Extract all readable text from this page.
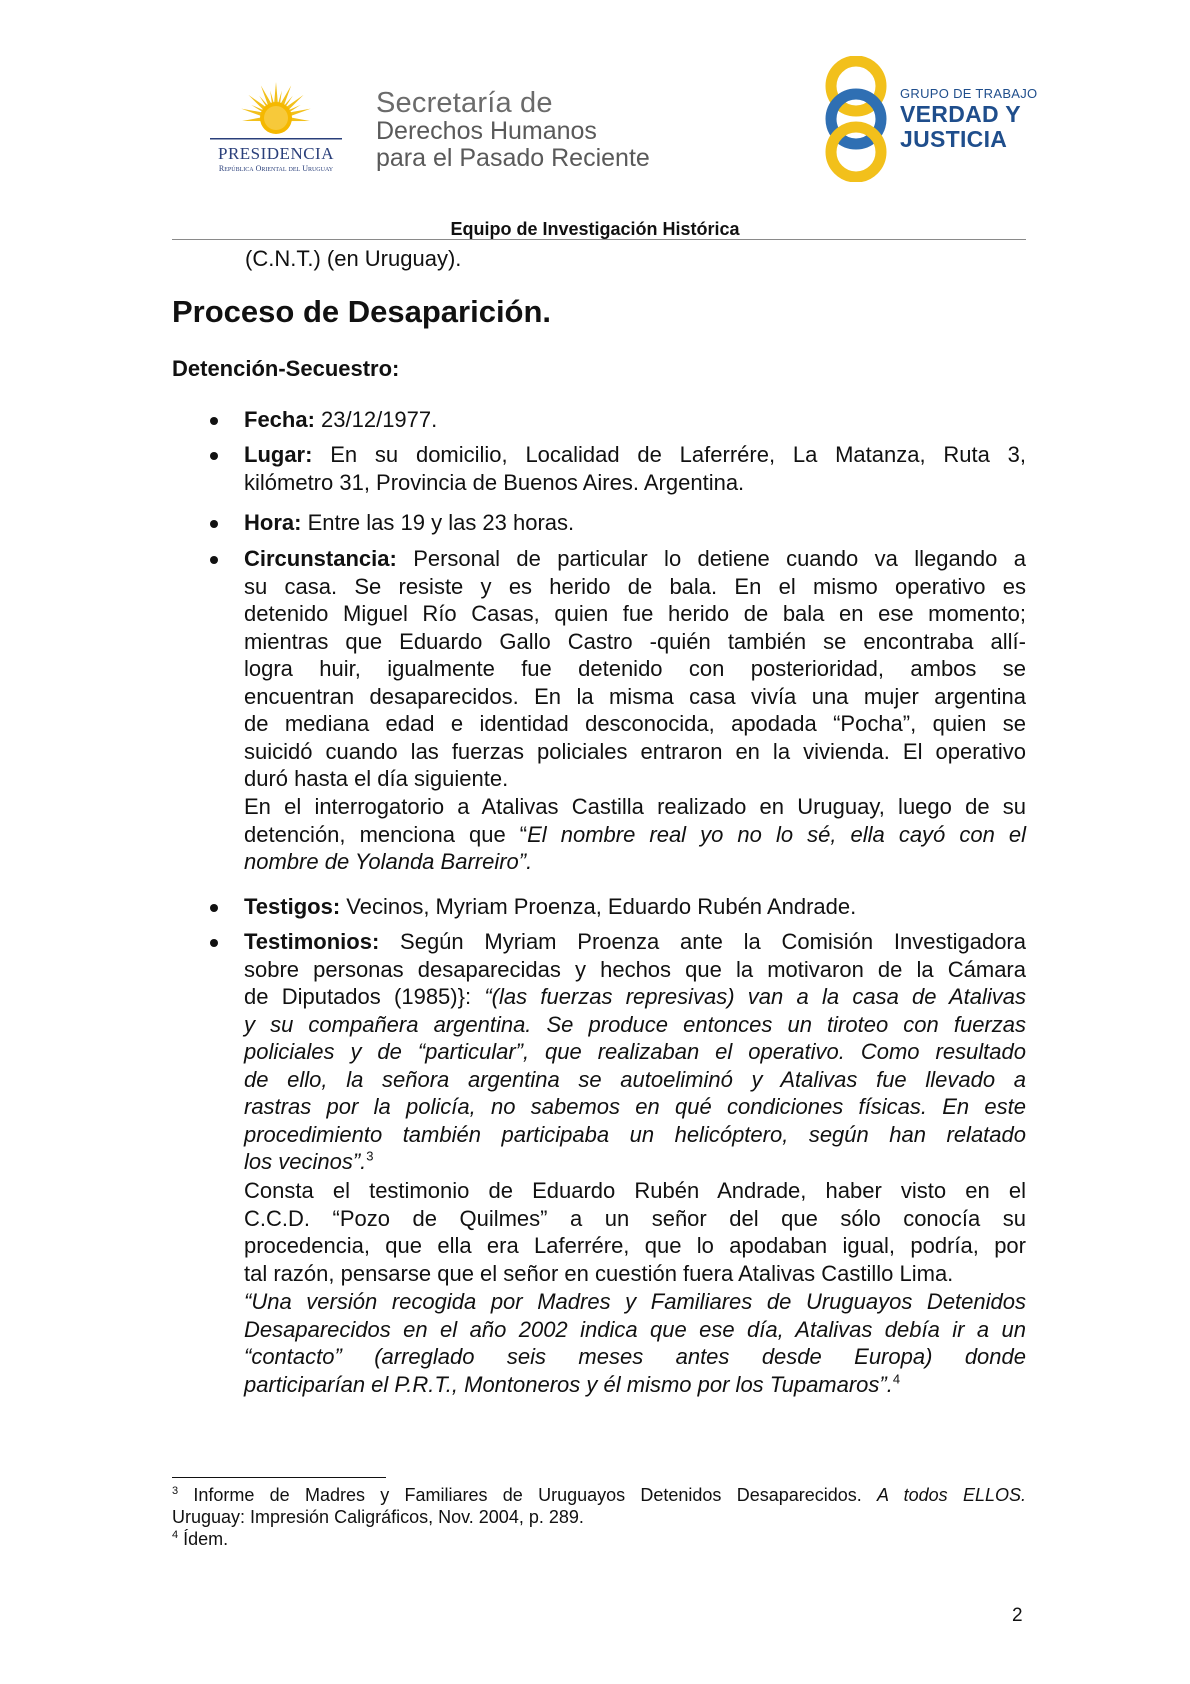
PRESIDENCIA
República Oriental del Uruguay
Secretaría de
Derechos Humanos
para el Pasado Reciente
GRUPO DE TRABAJO
VERDAD Y
JUSTICIA
Equipo de Investigación Histórica
(C.N.T.) (en Uruguay).
Proceso de Desaparición.
Detención-Secuestro:
Fecha: 23/12/1977.
Lugar: En su domicilio, Localidad de Laferrére, La Matanza, Ruta 3,
kilómetro 31, Provincia de Buenos Aires. Argentina.
Hora: Entre las 19 y las 23 horas.
Circunstancia: Personal de particular lo detiene cuando va llegando a
su casa. Se resiste y es herido de bala. En el mismo operativo es
detenido Miguel Río Casas, quien fue herido de bala en ese momento;
mientras que Eduardo Gallo Castro -quién también se encontraba allí-
logra huir, igualmente fue detenido con posterioridad, ambos se
encuentran desaparecidos. En la misma casa vivía una mujer argentina
de mediana edad e identidad desconocida, apodada “Pocha”, quien se
suicidó cuando las fuerzas policiales entraron en la vivienda. El operativo
duró hasta el día siguiente.
En el interrogatorio a Atalivas Castilla realizado en Uruguay, luego de su
detención, menciona que “El nombre real yo no lo sé, ella cayó con el
nombre de Yolanda Barreiro”.
Testigos: Vecinos, Myriam Proenza, Eduardo Rubén Andrade.
Testimonios: Según Myriam Proenza ante la Comisión Investigadora
sobre personas desaparecidas y hechos que la motivaron de la Cámara
de Diputados (1985)}: “(las fuerzas represivas) van a la casa de Atalivas
y su compañera argentina. Se produce entonces un tiroteo con fuerzas
policiales y de “particular”, que realizaban el operativo. Como resultado
de ello, la señora argentina se autoeliminó y Atalivas fue llevado a
rastras por la policía, no sabemos en qué condiciones físicas. En este
procedimiento también participaba un helicóptero, según han relatado
los vecinos”.$^3$
Consta el testimonio de Eduardo Rubén Andrade, haber visto en el
C.C.D. “Pozo de Quilmes” a un señor del que sólo conocía su
procedencia, que ella era Laferrére, que lo apodaban igual, podría, por
tal razón, pensarse que el señor en cuestión fuera Atalivas Castillo Lima.
“Una versión recogida por Madres y Familiares de Uruguayos Detenidos
Desaparecidos en el año 2002 indica que ese día, Atalivas debía ir a un
“contacto” (arreglado seis meses antes desde Europa) donde
participarían el P.R.T., Montoneros y él mismo por los Tupamaros”.$^4$
$^3$ Informe de Madres y Familiares de Uruguayos Detenidos Desaparecidos. A todos ELLOS.
Uruguay: Impresión Caligráficos, Nov. 2004, p. 289.
$^4$ Ídem.
2
